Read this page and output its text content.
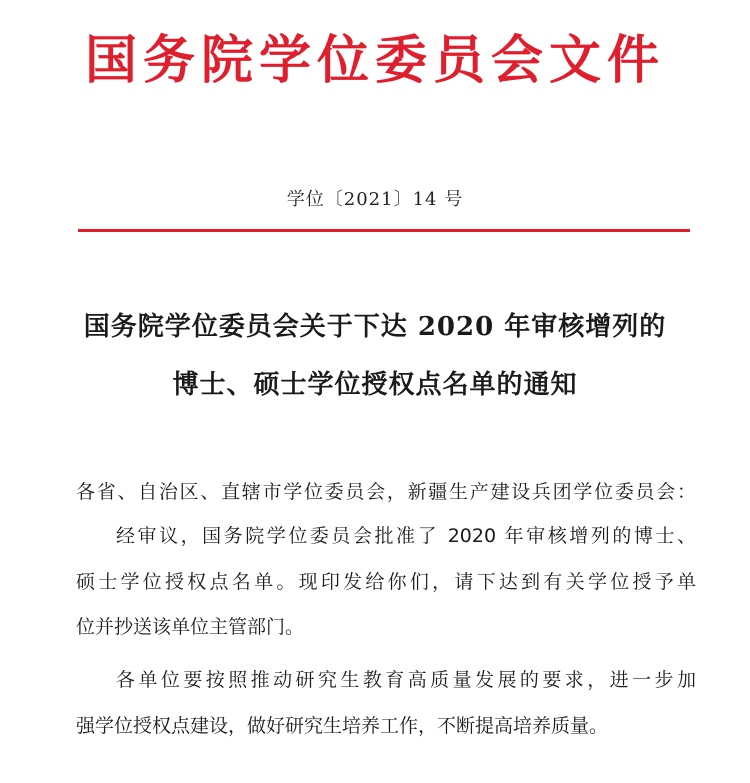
国务院学位委员会文件
学位〔2021〕14 号
国务院学位委员会关于下达 2020 年审核增列的
博士、硕士学位授权点名单的通知
各省、自治区、直辖市学位委员会，新疆生产建设兵团学位委员会：
经审议，国务院学位委员会批准了 2020 年审核增列的博士、
硕士学位授权点名单。现印发给你们，请下达到有关学位授予单
位并抄送该单位主管部门。
各单位要按照推动研究生教育高质量发展的要求，进一步加
强学位授权点建设，做好研究生培养工作，不断提高培养质量。
